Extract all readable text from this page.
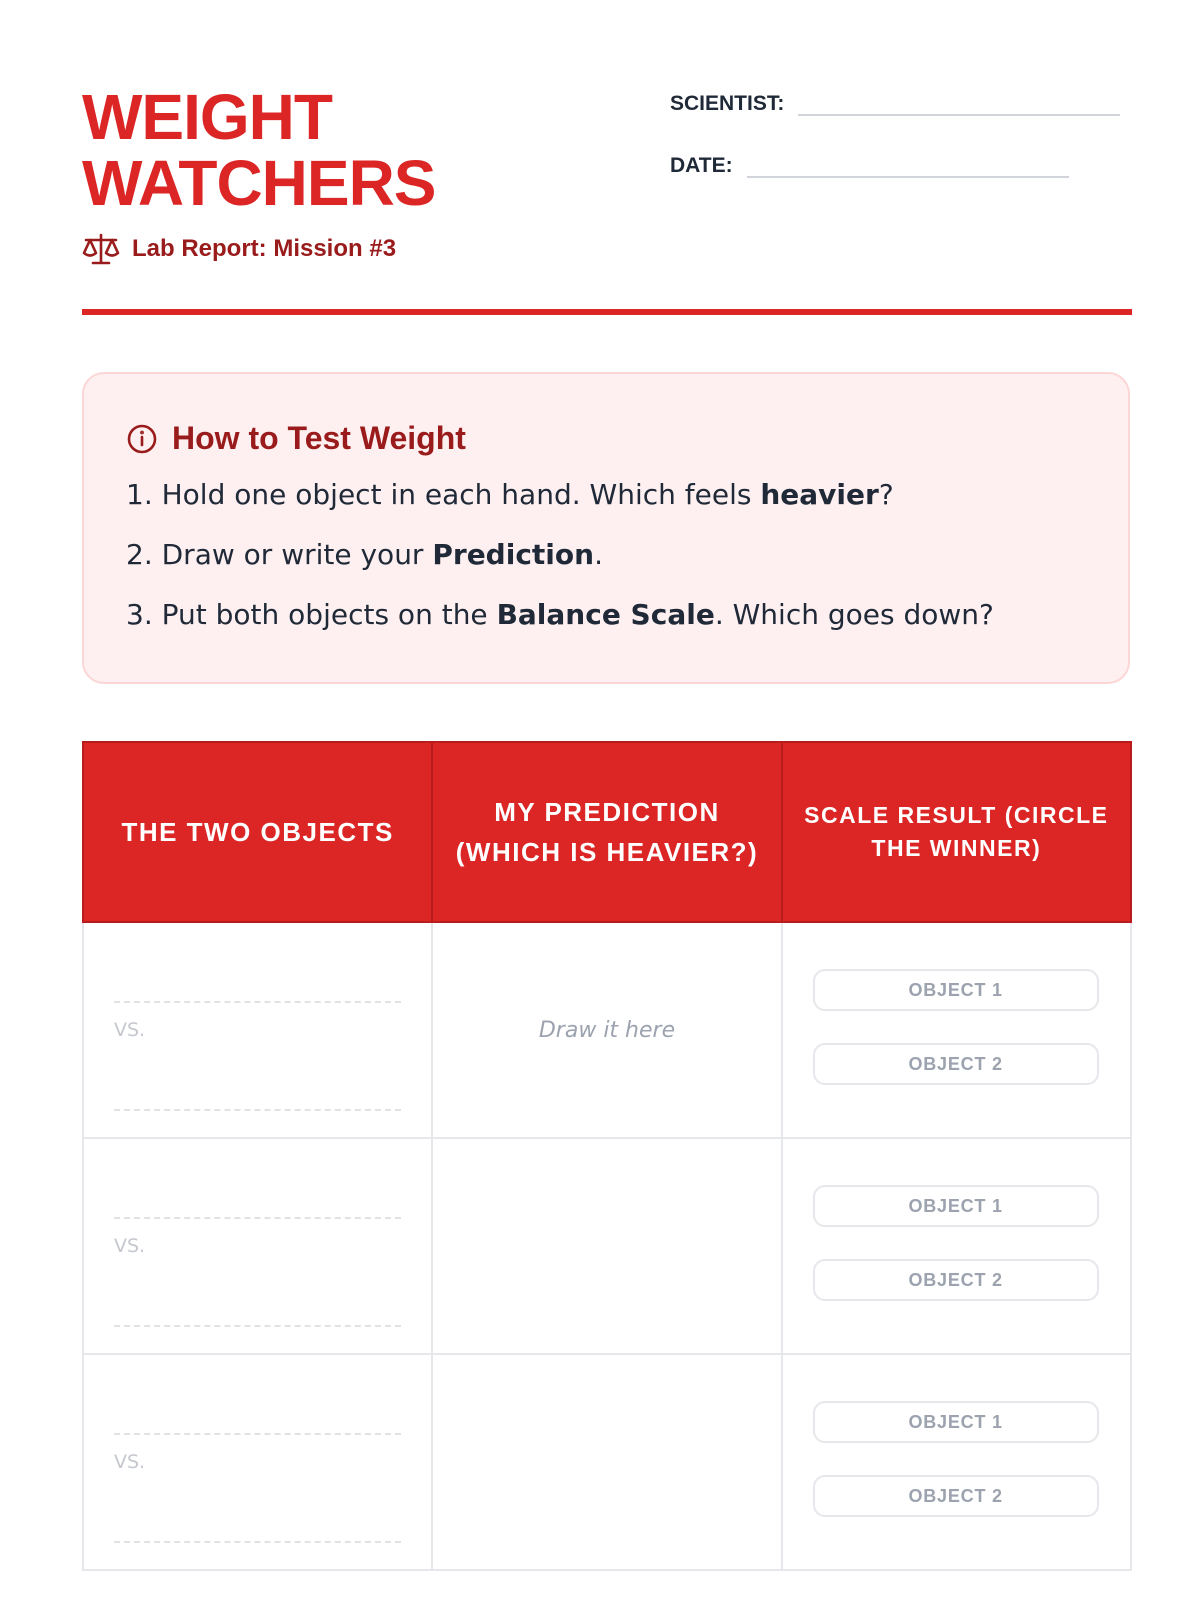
WEIGHT
WATCHERS
Lab Report: Mission #3
SCIENTIST:
DATE:
How to Test Weight
1. Hold one object in each hand. Which feels heavier?
2. Draw or write your Prediction.
3. Put both objects on the Balance Scale. Which goes down?
THE TWO OBJECTS	MY PREDICTION (WHICH IS HEAVIER?)	SCALE RESULT (CIRCLE THE WINNER)

VS.	Draw it here	OBJECT 1
OBJECT 2

VS.		OBJECT 1
OBJECT 2

VS.		OBJECT 1
OBJECT 2
